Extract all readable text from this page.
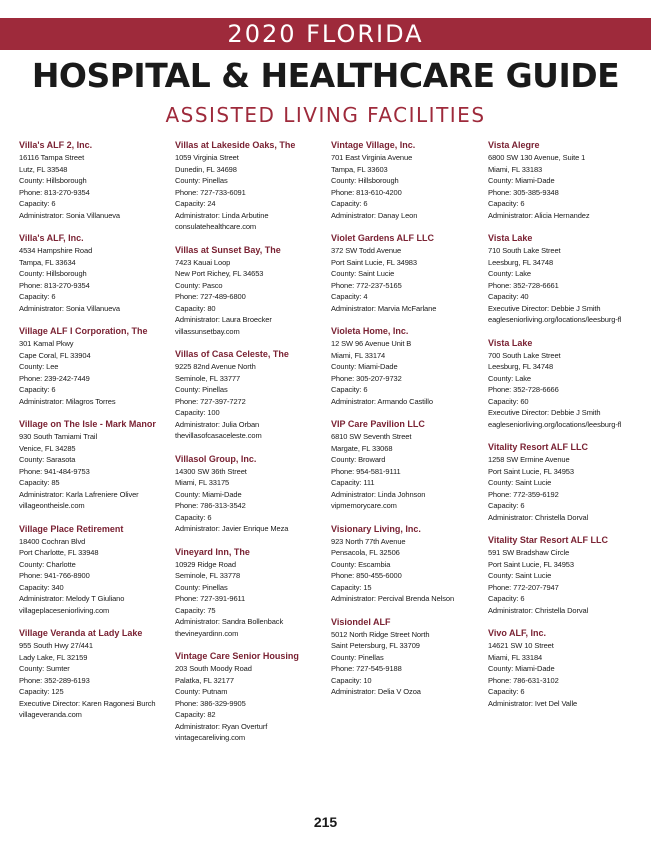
2020 FLORIDA
HOSPITAL & HEALTHCARE GUIDE
ASSISTED LIVING FACILITIES
Villa's ALF 2, Inc.
16116 Tampa Street
Lutz, FL 33548
County: Hillsborough
Phone: 813-270-9354
Capacity: 6
Administrator: Sonia Villanueva
Villa's ALF, Inc.
4534 Hampshire Road
Tampa, FL 33634
County: Hillsborough
Phone: 813-270-9354
Capacity: 6
Administrator: Sonia Villanueva
Village ALF I Corporation, The
301 Kamal Pkwy
Cape Coral, FL 33904
County: Lee
Phone: 239-242-7449
Capacity: 6
Administrator: Milagros Torres
Village on The Isle - Mark Manor
930 South Tamiami Trail
Venice, FL 34285
County: Sarasota
Phone: 941-484-9753
Capacity: 85
Administrator: Karla Lafreniere Oliver
villageontheisle.com
Village Place Retirement
18400 Cochran Blvd
Port Charlotte, FL 33948
County: Charlotte
Phone: 941-766-8900
Capacity: 340
Administrator: Melody T Giuliano
villageplaceseniorliving.com
Village Veranda at Lady Lake
955 South Hwy 27/441
Lady Lake, FL 32159
County: Sumter
Phone: 352-289-6193
Capacity: 125
Executive Director: Karen Ragonesi Burch
villageveranda.com
Villas at Lakeside Oaks, The
1059 Virginia Street
Dunedin, FL 34698
County: Pinellas
Phone: 727-733-6091
Capacity: 24
Administrator: Linda Arbutine
consulatehealthcare.com
Villas at Sunset Bay, The
7423 Kauai Loop
New Port Richey, FL 34653
County: Pasco
Phone: 727-489-6800
Capacity: 80
Administrator: Laura Broecker
villassunsetbay.com
Villas of Casa Celeste, The
9225 82nd Avenue North
Seminole, FL 33777
County: Pinellas
Phone: 727-397-7272
Capacity: 100
Administrator: Julia Orban
thevillasofcasaceleste.com
Villasol Group, Inc.
14300 SW 36th Street
Miami, FL 33175
County: Miami-Dade
Phone: 786-313-3542
Capacity: 6
Administrator: Javier Enrique Meza
Vineyard Inn, The
10929 Ridge Road
Seminole, FL 33778
County: Pinellas
Phone: 727-391-9611
Capacity: 75
Administrator: Sandra Bollenback
thevineyardinn.com
Vintage Care Senior Housing
203 South Moody Road
Palatka, FL 32177
County: Putnam
Phone: 386-329-9905
Capacity: 82
Administrator: Ryan Overturf
vintagecareliving.com
Vintage Village, Inc.
701 East Virginia Avenue
Tampa, FL 33603
County: Hillsborough
Phone: 813-610-4200
Capacity: 6
Administrator: Danay Leon
Violet Gardens ALF LLC
372 SW Todd Avenue
Port Saint Lucie, FL 34983
County: Saint Lucie
Phone: 772-237-5165
Capacity: 4
Administrator: Marvia McFarlane
Violeta Home, Inc.
12 SW 96 Avenue Unit B
Miami, FL 33174
County: Miami-Dade
Phone: 305-207-9732
Capacity: 6
Administrator: Armando Castillo
VIP Care Pavilion LLC
6810 SW Seventh Street
Margate, FL 33068
County: Broward
Phone: 954-581-9111
Capacity: 111
Administrator: Linda Johnson
vipmemorycare.com
Visionary Living, Inc.
923 North 77th Avenue
Pensacola, FL 32506
County: Escambia
Phone: 850-455-6000
Capacity: 15
Administrator: Percival Brenda Nelson
Visiondel ALF
5012 North Ridge Street North
Saint Petersburg, FL 33709
County: Pinellas
Phone: 727-545-9188
Capacity: 10
Administrator: Delia V Ozoa
Vista Alegre
6800 SW 130 Avenue, Suite 1
Miami, FL 33183
County: Miami-Dade
Phone: 305-385-9348
Capacity: 6
Administrator: Alicia Hernandez
Vista Lake
710 South Lake Street
Leesburg, FL 34748
County: Lake
Phone: 352-728-6661
Capacity: 40
Executive Director: Debbie J Smith
eagleseniorliving.org/locations/leesburg-fl
Vista Lake
700 South Lake Street
Leesburg, FL 34748
County: Lake
Phone: 352-728-6666
Capacity: 60
Executive Director: Debbie J Smith
eagleseniorliving.org/locations/leesburg-fl
Vitality Resort ALF LLC
1258 SW Ermine Avenue
Port Saint Lucie, FL 34953
County: Saint Lucie
Phone: 772-359-6192
Capacity: 6
Administrator: Christella Dorval
Vitality Star Resort ALF LLC
591 SW Bradshaw Circle
Port Saint Lucie, FL 34953
County: Saint Lucie
Phone: 772-207-7947
Capacity: 6
Administrator: Christella Dorval
Vivo ALF, Inc.
14621 SW 10 Street
Miami, FL 33184
County: Miami-Dade
Phone: 786-631-3102
Capacity: 6
Administrator: Ivet Del Valle
215
